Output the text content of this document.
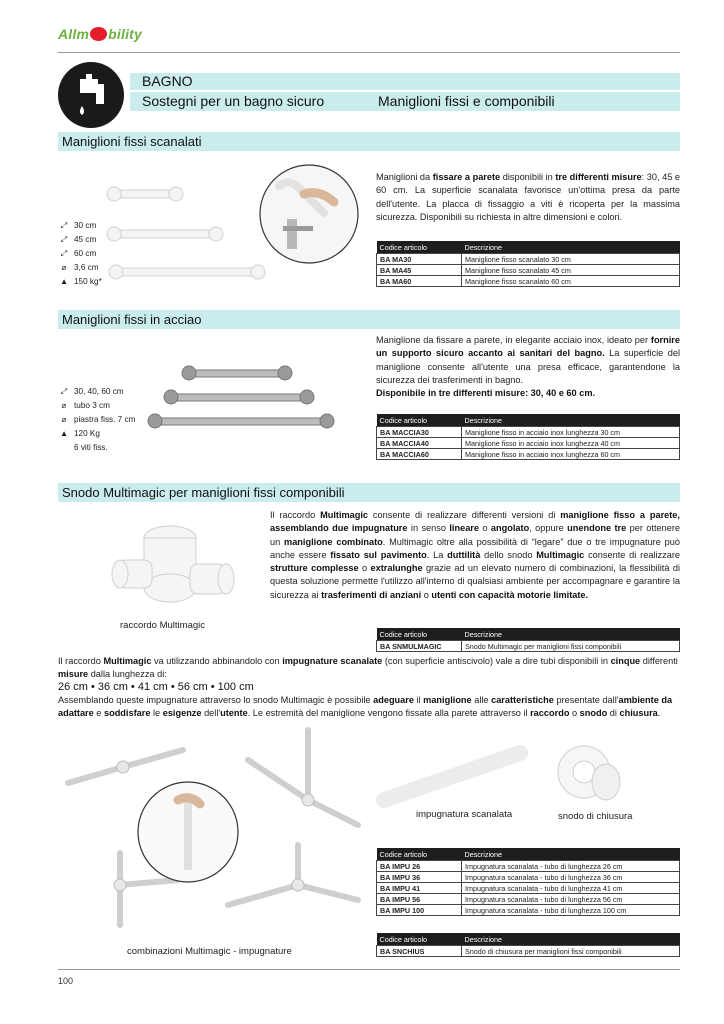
Allm bility
BAGNO
Sostegni per un bagno sicuro	Maniglioni fissi e componibili
Maniglioni fissi scanalati
⤢ 30 cm
⤢ 45 cm
⤢ 60 cm
⌀ 3,6 cm
▲ 150 kg*
Maniglioni da fissare a parete disponibili in tre differenti misure: 30, 45 e 60 cm. La superficie scanalata favorisce un'ottima presa da parte dell'utente. La placca di fissaggio a viti è ricoperta per la massima sicurezza. Disponibili su richiesta in altre dimensioni e colori.
Codice articolo	Descrizione
BA MA30	Maniglione fisso scanalato 30 cm
BA MA45	Maniglione fisso scanalato 45 cm
BA MA60	Maniglione fisso scanalato 60 cm
Maniglioni fissi in acciao
⤢ 30, 40, 60 cm
⌀ tubo 3 cm
⌀ piastra fiss. 7 cm
▲ 120 Kg
6 viti fiss.
Maniglione da fissare a parete, in elegante acciaio inox, ideato per fornire un supporto sicuro accanto ai sanitari del bagno. La superficie del maniglione consente all'utente una presa efficace, garantendone la sicurezza dei trasferimenti in bagno.
Disponibile in tre differenti misure: 30, 40 e 60 cm.
Codice articolo	Descrizione
BA MACCIA30	Maniglione fisso in acciaio inox lunghezza 30 cm
BA MACCIA40	Maniglione fisso in acciaio inox lunghezza 40 cm
BA MACCIA60	Maniglione fisso in acciaio inox lunghezza 60 cm
Snodo Multimagic per maniglioni fissi componibili
raccordo Multimagic
Il raccordo Multimagic consente di realizzare differenti versioni di maniglione fisso a parete, assemblando due impugnature in senso lineare o angolato, oppure unendone tre per ottenere un maniglione combinato. Multimagic oltre alla possibilità di “legare” due o tre impugnature può anche essere fissato sul pavimento. La duttilità dello snodo Multimagic consente di realizzare strutture complesse o extralunghe grazie ad un elevato numero di combinazioni, la flessibilità di questa soluzione permette l'utilizzo all'interno di qualsiasi ambiente per accompagnare e garantire la sicurezza ai trasferimenti di anziani o utenti con capacità motorie limitate.
Codice articolo	Descrizione
BA SNMULMAGIC	Snodo Multimagic per maniglioni fissi componibili
Il raccordo Multimagic va utilizzando abbinandolo con impugnature scanalate (con superficie antiscivolo) vale a dire tubi disponibili in cinque differenti misure dalla lunghezza di:
26 cm • 36 cm • 41 cm • 56 cm • 100 cm
Assemblando queste impugnature attraverso lo snodo Multimagic è possibile adeguare il maniglione alle caratteristiche presentate dall'ambiente da adattare e soddisfare le esigenze dell'utente. Le estremità del maniglione vengono fissate alla parete attraverso il raccordo o snodo di chiusura.
combinazioni Multimagic - impugnature
impugnatura scanalata	snodo di chiusura
Codice articolo	Descrizione
BA IMPU 26	Impugnatura scanalata - tubo di lunghezza 26 cm
BA IMPU 36	Impugnatura scanalata - tubo di lunghezza 36 cm
BA IMPU 41	Impugnatura scanalata - tubo di lunghezza 41 cm
BA IMPU 56	Impugnatura scanalata - tubo di lunghezza 56 cm
BA IMPU 100	Impugnatura scanalata - tubo di lunghezza 100 cm
Codice articolo	Descrizione
BA SNCHIUS	Snodo di chiusura per maniglioni fissi componibili
100
